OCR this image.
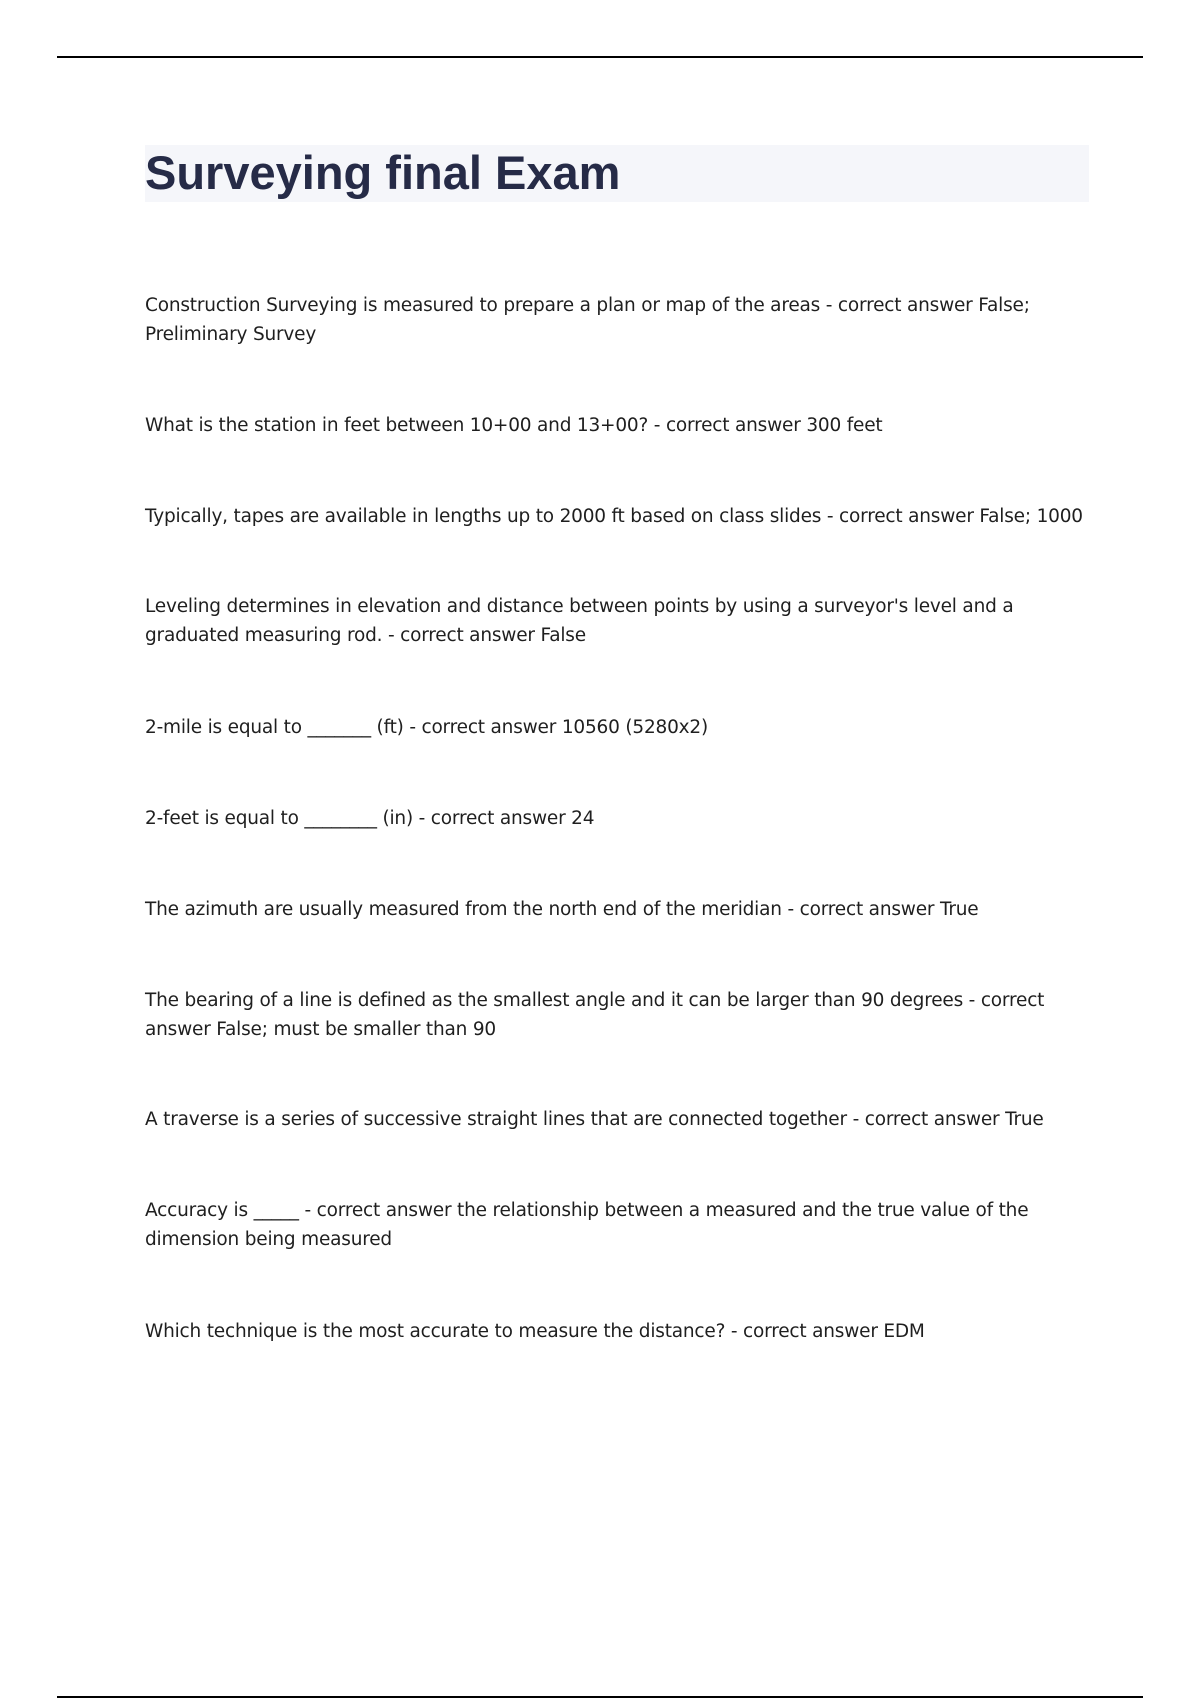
Surveying final Exam

Construction Surveying is measured to prepare a plan or map of the areas - correct answer False; Preliminary Survey

What is the station in feet between 10+00 and 13+00? - correct answer 300 feet

Typically, tapes are available in lengths up to 2000 ft based on class slides - correct answer False; 1000

Leveling determines in elevation and distance between points by using a surveyor's level and a graduated measuring rod. - correct answer False

2-mile is equal to _______ (ft) - correct answer 10560 (5280x2)

2-feet is equal to ________ (in) - correct answer 24

The azimuth are usually measured from the north end of the meridian - correct answer True

The bearing of a line is defined as the smallest angle and it can be larger than 90 degrees - correct answer False; must be smaller than 90

A traverse is a series of successive straight lines that are connected together - correct answer True

Accuracy is _____ - correct answer the relationship between a measured and the true value of the dimension being measured

Which technique is the most accurate to measure the distance? - correct answer EDM
